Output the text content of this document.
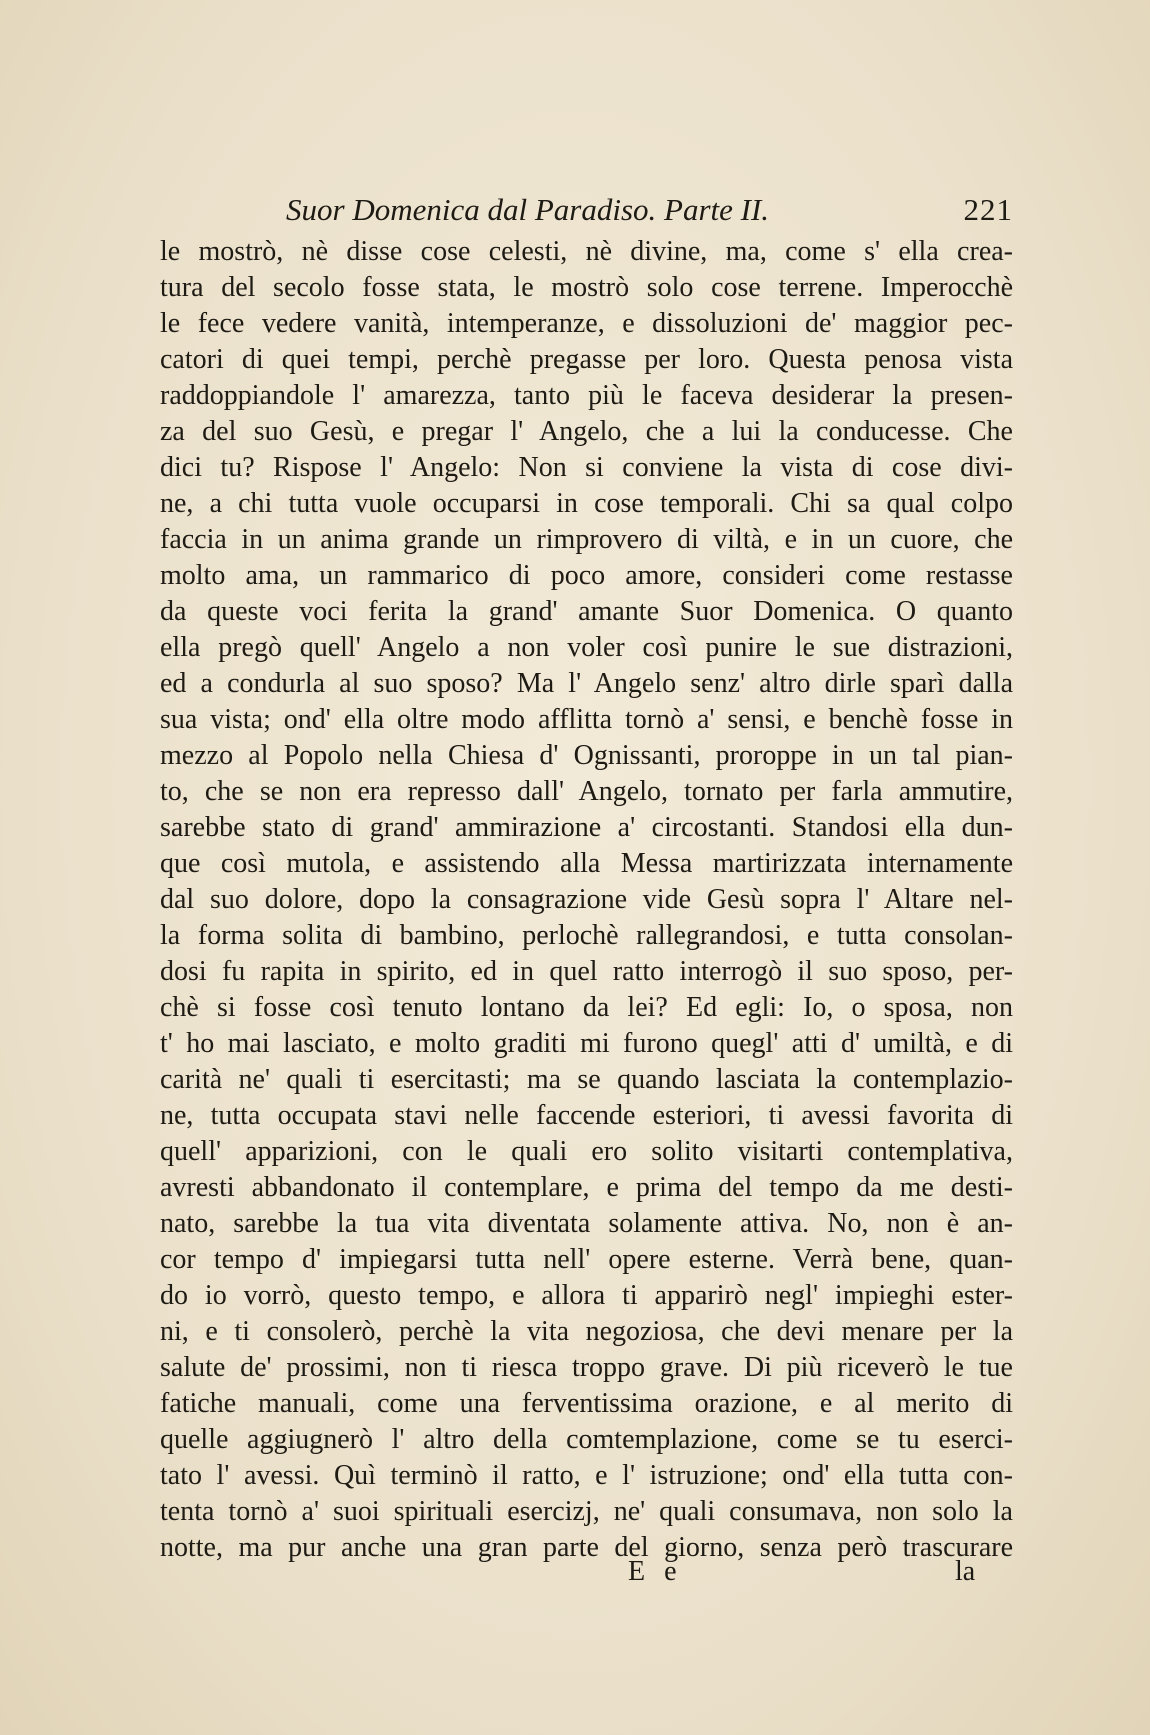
Suor Domenica dal Paradiso. Parte II.	221
le mostrò, nè disse cose celesti, nè divine, ma, come s' ella crea-
tura del secolo fosse stata, le mostrò solo cose terrene. Imperocchè
le fece vedere vanità, intemperanze, e dissoluzioni de' maggior pec-
catori di quei tempi, perchè pregasse per loro. Questa penosa vista
raddoppiandole l' amarezza, tanto più le faceva desiderar la presen-
za del suo Gesù, e pregar l' Angelo, che a lui la conducesse. Che
dici tu? Rispose l' Angelo: Non si conviene la vista di cose divi-
ne, a chi tutta vuole occuparsi in cose temporali. Chi sa qual colpo
faccia in un anima grande un rimprovero di viltà, e in un cuore, che
molto ama, un rammarico di poco amore, consideri come restasse
da queste voci ferita la grand' amante Suor Domenica. O quanto
ella pregò quell' Angelo a non voler così punire le sue distrazioni,
ed a condurla al suo sposo? Ma l' Angelo senz' altro dirle sparì dalla
sua vista; ond' ella oltre modo afflitta tornò a' sensi, e benchè fosse in
mezzo al Popolo nella Chiesa d' Ognissanti, proroppe in un tal pian-
to, che se non era represso dall' Angelo, tornato per farla ammutire,
sarebbe stato di grand' ammirazione a' circostanti. Standosi ella dun-
que così mutola, e assistendo alla Messa martirizzata internamente
dal suo dolore, dopo la consagrazione vide Gesù sopra l' Altare nel-
la forma solita di bambino, perlochè rallegrandosi, e tutta consolan-
dosi fu rapita in spirito, ed in quel ratto interrogò il suo sposo, per-
chè si fosse così tenuto lontano da lei? Ed egli: Io, o sposa, non
t' ho mai lasciato, e molto graditi mi furono quegl' atti d' umiltà, e di
carità ne' quali ti esercitasti; ma se quando lasciata la contemplazio-
ne, tutta occupata stavi nelle faccende esteriori, ti avessi favorita di
quell' apparizioni, con le quali ero solito visitarti contemplativa,
avresti abbandonato il contemplare, e prima del tempo da me desti-
nato, sarebbe la tua vita diventata solamente attiva. No, non è an-
cor tempo d' impiegarsi tutta nell' opere esterne. Verrà bene, quan-
do io vorrò, questo tempo, e allora ti apparirò negl' impieghi ester-
ni, e ti consolerò, perchè la vita negoziosa, che devi menare per la
salute de' prossimi, non ti riesca troppo grave. Di più riceverò le tue
fatiche manuali, come una ferventissima orazione, e al merito di
quelle aggiugnerò l' altro della comtemplazione, come se tu eserci-
tato l' avessi. Quì terminò il ratto, e l' istruzione; ond' ella tutta con-
tenta tornò a' suoi spirituali esercizj, ne' quali consumava, non solo la
notte, ma pur anche una gran parte del giorno, senza però trascurare
E e	la
